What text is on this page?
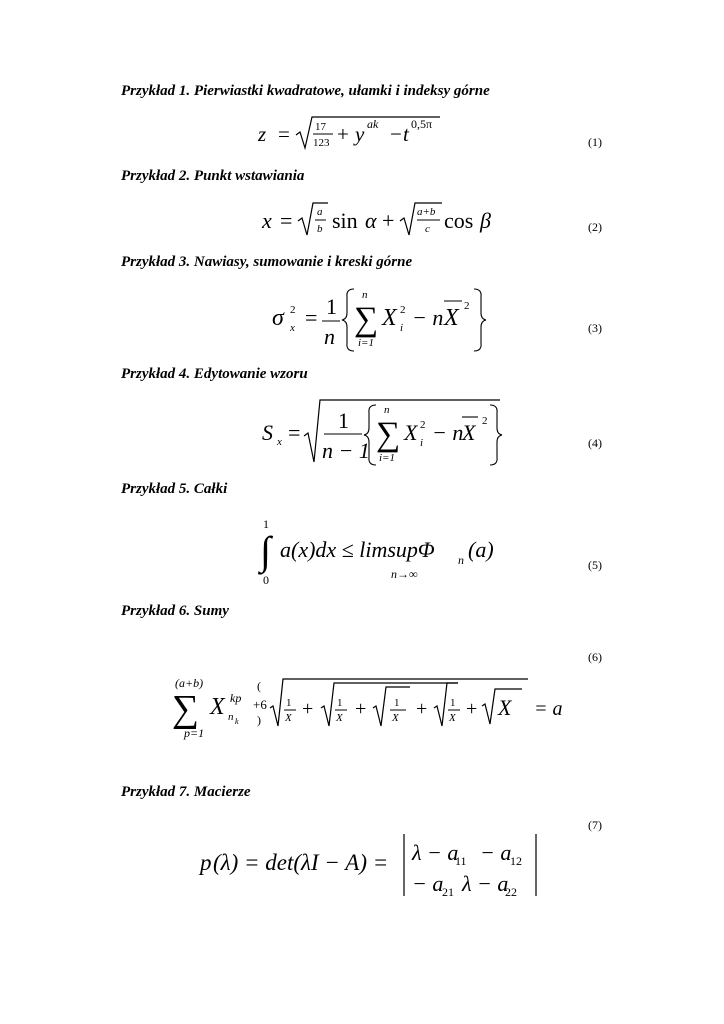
Przykład 1. Pierwiastki kwadratowe, ułamki i indeksy górne
z = 17
123 + y ak − t 0,5π
(1)
Przykład 2. Punkt wstawiania
x = a
b sin α + a+b
c cos β	(2)
Przykład 3. Nawiasy, sumowanie i kreski górne
σ 2
x = 1
n
n
∑
i=1
X 2
i − n X 2
(3)
Przykład 4. Edytowanie wzoru
S x = 1
n − 1
n
∑
i=1
X 2
i − n
X 2
(4)
Przykład 5. Całki
1
∫
0
a(x)dx ≤ limsupΦ n (a)
n→∞
(5)
Przykład 6. Sumy
(6)
(a+b)
∑
p=1
X kp
n k
(
+6
)
1
X + 1
X +	1
X + 1
X + X = a
Przykład 7. Macierze
(7)
p (λ) = det(λI − A) = λ − a
11 − a
12
− a
21 λ − a
22
